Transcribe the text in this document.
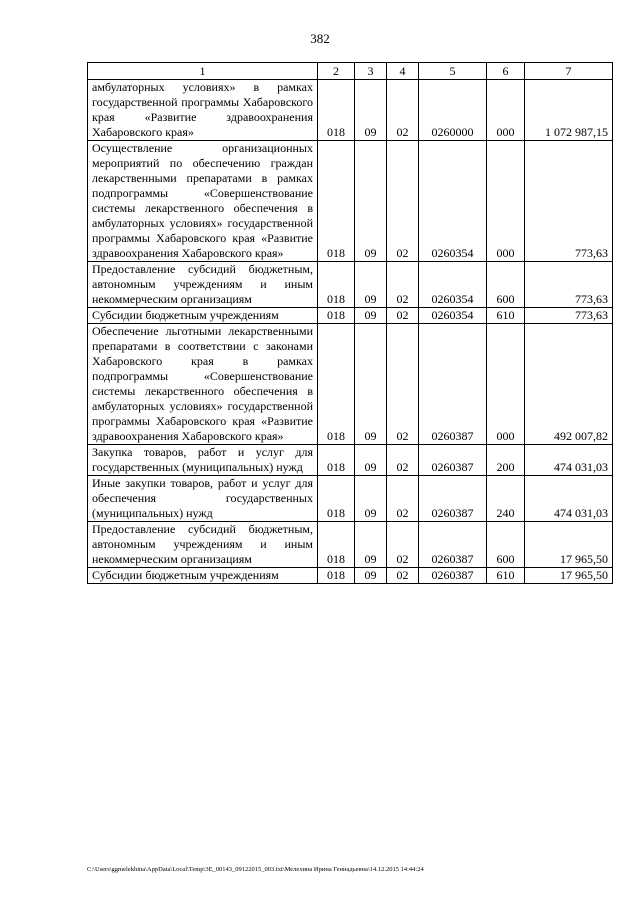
382
1	2	3	4	5	6	7
амбулаторных условиях» в рамках государственной программы Хабаровского края «Развитие здравоохранения Хабаровского края»	018	09	02	0260000	000	1 072 987,15
Осуществление организационных мероприятий по обеспечению граждан лекарственными препаратами в рамках подпрограммы «Совершенствование системы лекарственного обеспечения в амбулаторных условиях» государственной программы Хабаровского края «Развитие здравоохранения Хабаровского края»	018	09	02	0260354	000	773,63
Предоставление субсидий бюджетным, автономным учреждениям и иным некоммерческим организациям	018	09	02	0260354	600	773,63
Субсидии бюджетным учреждениям	018	09	02	0260354	610	773,63
Обеспечение льготными лекарственными препаратами в соответствии с законами Хабаровского края в рамках подпрограммы «Совершенствование системы лекарственного обеспечения в амбулаторных условиях» государственной программы Хабаровского края «Развитие здравоохранения Хабаровского края»	018	09	02	0260387	000	492 007,82
Закупка товаров, работ и услуг для государственных (муниципальных) нужд	018	09	02	0260387	200	474 031,03
Иные закупки товаров, работ и услуг для обеспечения государственных (муниципальных) нужд	018	09	02	0260387	240	474 031,03
Предоставление субсидий бюджетным, автономным учреждениям и иным некоммерческим организациям	018	09	02	0260387	600	17 965,50
Субсидии бюджетным учреждениям	018	09	02	0260387	610	17 965,50
C:\Users\ggmelekhina\AppData\Local\Temp\3E_00143_09122015_003.txt\Мелехина Ирина Геннадьевна\14.12.2015 14:44:24
